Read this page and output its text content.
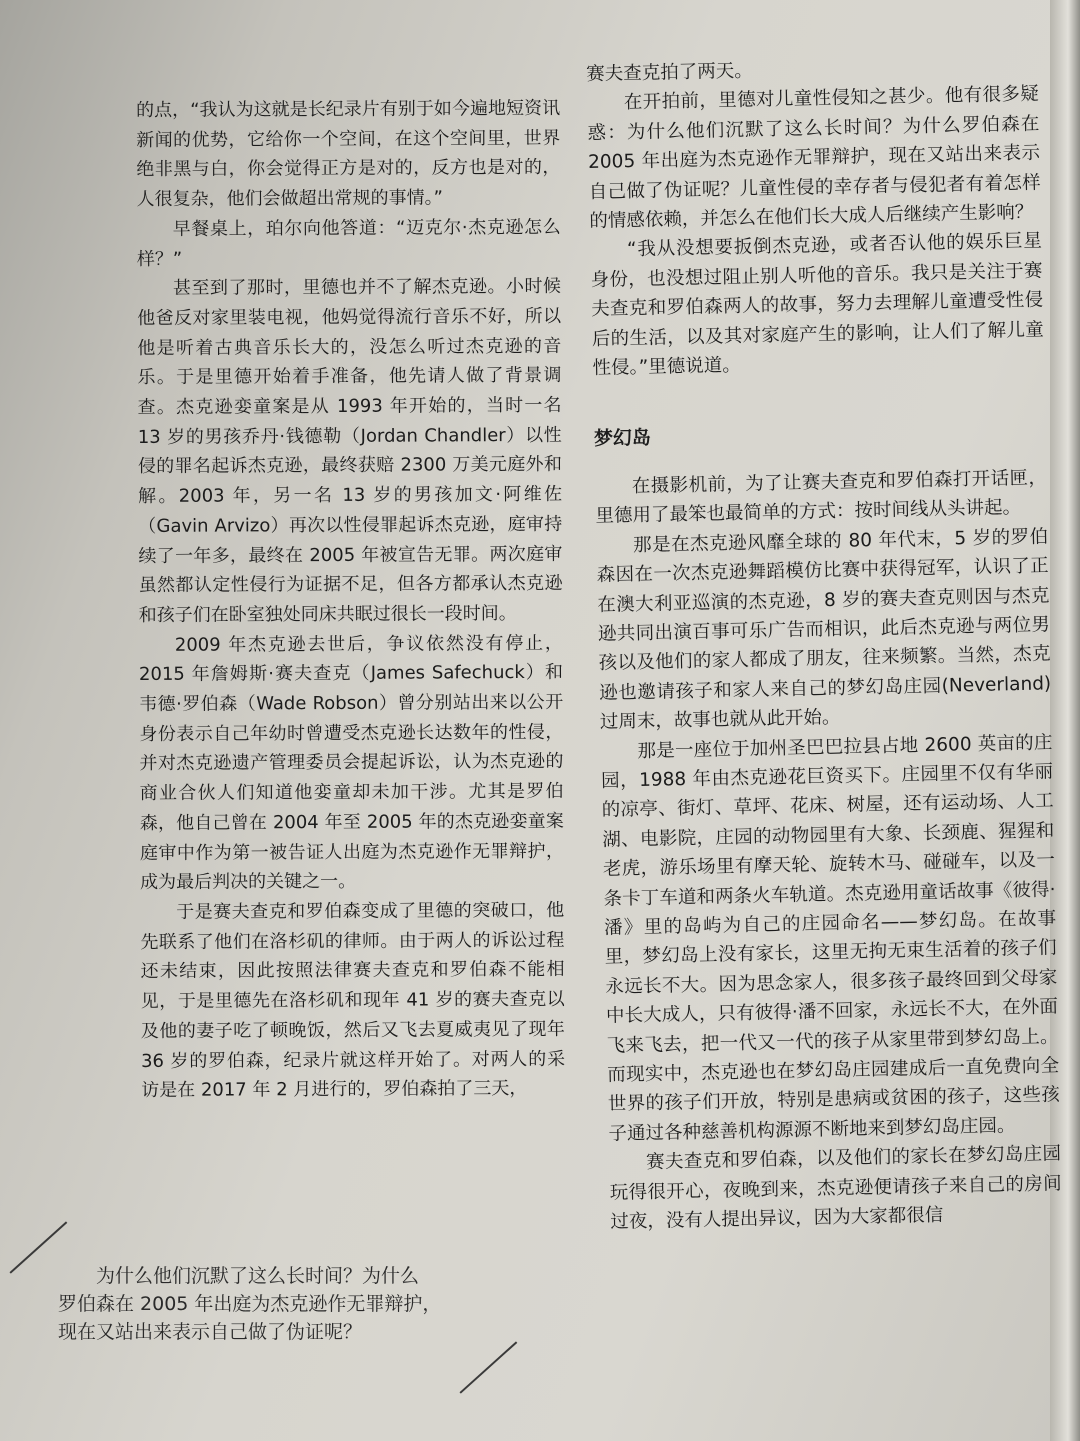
的点，“我认为这就是长纪录片有别于如今遍地短资讯新闻的优势，它给你一个空间，在这个空间里，世界绝非黑与白，你会觉得正方是对的，反方也是对的，人很复杂，他们会做超出常规的事情。”

早餐桌上，珀尔向他答道：“迈克尔·杰克逊怎么样？”

甚至到了那时，里德也并不了解杰克逊。小时候他爸反对家里装电视，他妈觉得流行音乐不好，所以他是听着古典音乐长大的，没怎么听过杰克逊的音乐。于是里德开始着手准备，他先请人做了背景调查。杰克逊娈童案是从 1993 年开始的，当时一名 13 岁的男孩乔丹·钱德勒（Jordan Chandler）以性侵的罪名起诉杰克逊，最终获赔 2300 万美元庭外和解。2003 年，另一名 13 岁的男孩加文·阿维佐（Gavin Arvizo）再次以性侵罪起诉杰克逊，庭审持续了一年多，最终在 2005 年被宣告无罪。两次庭审虽然都认定性侵行为证据不足，但各方都承认杰克逊和孩子们在卧室独处同床共眠过很长一段时间。

2009 年杰克逊去世后，争议依然没有停止，2015 年詹姆斯·赛夫查克（James Safechuck）和韦德·罗伯森（Wade Robson）曾分别站出来以公开身份表示自己年幼时曾遭受杰克逊长达数年的性侵，并对杰克逊遗产管理委员会提起诉讼，认为杰克逊的商业合伙人们知道他娈童却未加干涉。尤其是罗伯森，他自己曾在 2004 年至 2005 年的杰克逊娈童案庭审中作为第一被告证人出庭为杰克逊作无罪辩护，成为最后判决的关键之一。

于是赛夫查克和罗伯森变成了里德的突破口，他先联系了他们在洛杉矶的律师。由于两人的诉讼过程还未结束，因此按照法律赛夫查克和罗伯森不能相见，于是里德先在洛杉矶和现年 41 岁的赛夫查克以及他的妻子吃了顿晚饭，然后又飞去夏威夷见了现年 36 岁的罗伯森，纪录片就这样开始了。对两人的采访是在 2017 年 2 月进行的，罗伯森拍了三天，

赛夫查克拍了两天。

在开拍前，里德对儿童性侵知之甚少。他有很多疑惑：为什么他们沉默了这么长时间？为什么罗伯森在 2005 年出庭为杰克逊作无罪辩护，现在又站出来表示自己做了伪证呢？儿童性侵的幸存者与侵犯者有着怎样的情感依赖，并怎么在他们长大成人后继续产生影响？

“我从没想要扳倒杰克逊，或者否认他的娱乐巨星身份，也没想过阻止别人听他的音乐。我只是关注于赛夫查克和罗伯森两人的故事，努力去理解儿童遭受性侵后的生活，以及其对家庭产生的影响，让人们了解儿童性侵。”里德说道。

梦幻岛

在摄影机前，为了让赛夫查克和罗伯森打开话匣，里德用了最笨也最简单的方式：按时间线从头讲起。

那是在杰克逊风靡全球的 80 年代末，5 岁的罗伯森因在一次杰克逊舞蹈模仿比赛中获得冠军，认识了正在澳大利亚巡演的杰克逊，8 岁的赛夫查克则因与杰克逊共同出演百事可乐广告而相识，此后杰克逊与两位男孩以及他们的家人都成了朋友，往来频繁。当然，杰克逊也邀请孩子和家人来自己的梦幻岛庄园(Neverland)过周末，故事也就从此开始。

那是一座位于加州圣巴巴拉县占地 2600 英亩的庄园，1988 年由杰克逊花巨资买下。庄园里不仅有华丽的凉亭、街灯、草坪、花床、树屋，还有运动场、人工湖、电影院，庄园的动物园里有大象、长颈鹿、猩猩和老虎，游乐场里有摩天轮、旋转木马、碰碰车，以及一条卡丁车道和两条火车轨道。杰克逊用童话故事《彼得·潘》里的岛屿为自己的庄园命名——梦幻岛。在故事里，梦幻岛上没有家长，这里无拘无束生活着的孩子们永远长不大。因为思念家人，很多孩子最终回到父母家中长大成人，只有彼得·潘不回家，永远长不大，在外面飞来飞去，把一代又一代的孩子从家里带到梦幻岛上。而现实中，杰克逊也在梦幻岛庄园建成后一直免费向全世界的孩子们开放，特别是患病或贫困的孩子，这些孩子通过各种慈善机构源源不断地来到梦幻岛庄园。

赛夫查克和罗伯森，以及他们的家长在梦幻岛庄园玩得很开心，夜晚到来，杰克逊便请孩子来自己的房间过夜，没有人提出异议，因为大家都很信

为什么他们沉默了这么长时间？为什么

罗伯森在 2005 年出庭为杰克逊作无罪辩护，

现在又站出来表示自己做了伪证呢？
